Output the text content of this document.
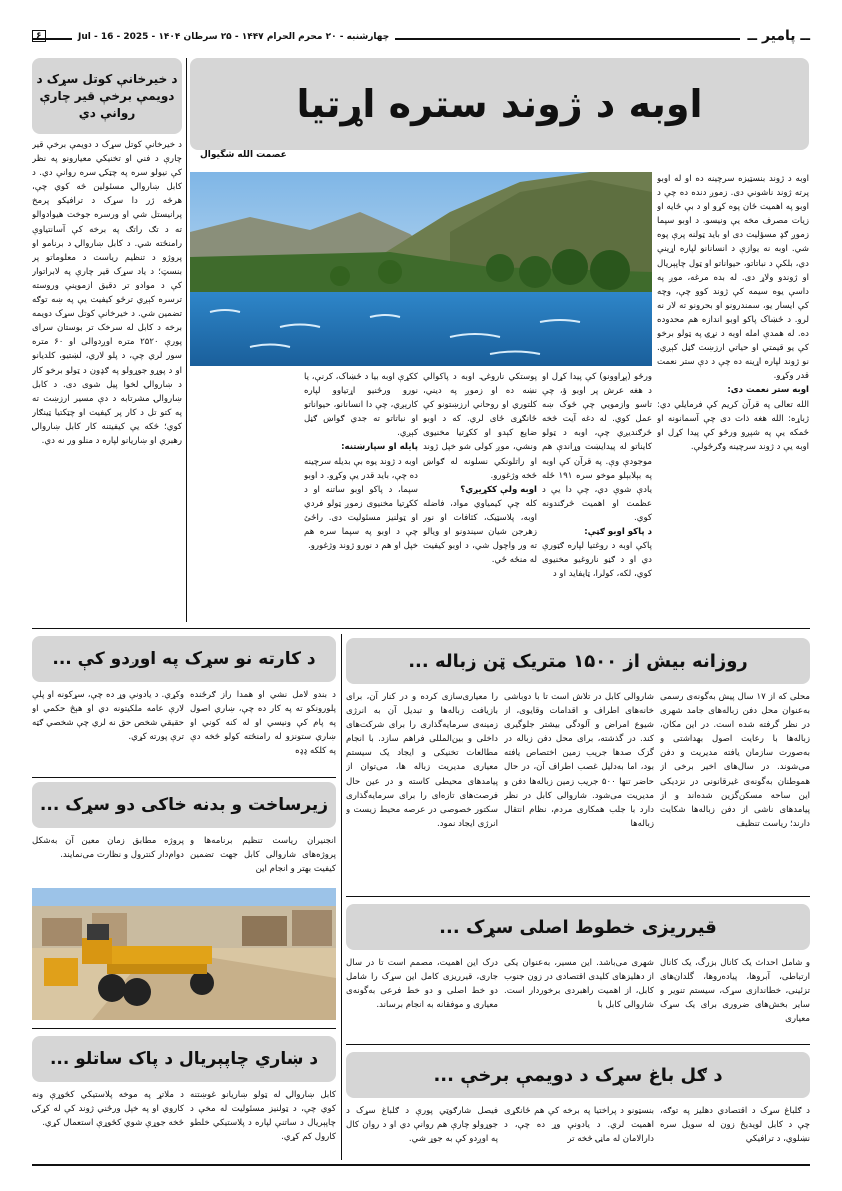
ــ پامیر ــ
چهارشنبه - ۲۰ محرم الحرام ۱۴۴۷ - ۲۵ سرطان ۱۴۰۴ - Jul - 16 - 2025
۶
اوبه د ژوند ستره اړتیا
عصمت الله شگیوال
اوبه د ژوند بنسټیزه سرچینه ده او له اوبو پرته ژوند ناشوني دی. زموږ دنده ده چې د اوبو په اهمیت ځان پوه کړو او د بې ځایه او زیات مصرف مخه یې ونیسو. د اوبو سپما زموږ ګډ مسؤلیت دی او باید ټولنه پرې پوه شي. اوبه نه یوازې د انسانانو لپاره اړینې دي، بلکې د نباتاتو، حیواناتو او ټول چاپېریال او ژوندو ولاړ دی. له بده مرغه، موږ په داسې یوه سیمه کې ژوند کوو چې، وچه کې ایسار یو، سمندرونو او بحرونو ته لار نه لرو. د ځښاک پاکو اوبو اندازه هم محدوده ده. له همدې امله اوبه د نړۍ په ټولو برخو کې یو قیمتي او حیاتي ارزښت ګڼل کېږي. نو ژوند لپاره اړینه ده چې د دې ستر نعمت قدر وکړو.
اوبه ستر نعمت دی:
الله تعالی په قرآن کریم کې فرمایلي دي: ژباړه: الله هغه ذات دی چې آسمانونه او ځمکه یې په شپږو ورځو کې پیدا کړل او اوبه یې د ژوند سرچینه وګرځولې.
ورځو (پړاوونو) کې پیدا کړل او د هغه عرش پر اوبو ؤ، چې تاسو وازمویي چې څوک ښه عمل کوي. له دغه آیت څخه څرګندیږي چې، اوبه د ټولو کایناتو له پیدایښت وړاندې هم موجودې وې. په قرآن کې اوبه په بېلابېلو موخو سره ۱۹۱ ځله یادې شوې دي، چې دا یې د عظمت او اهمیت څرګندونه کوي.
د پاکو اوبو ګټې:
پاکې اوبه د روغتیا لپاره ګټورې دي او د ګڼو ناروغیو مخنیوی کوي، لکه، کولرا، ټایفاید او د
پوستکي ناروغۍ. اوبه د پاکوالي نښه ده او زموږ په دیني، کلتوري او روحاني ارزښتونو کې ځانګړی ځای لري. که د اوبو ضایع کېدو او ککړتیا مخنیوی ونشي، موږ کولی شو خپل ژوند او راتلونکي نسلونه له ګواښ څخه وژغورو.
اوبه ولې ککړیږي؟
کله چې کیمیاوي مواد، فاضله اوبه، پلاسټیک، کثافات او نور زهرجن شیان سیندونو او ویالو ته ور واچول شي، د اوبو کیفیت له منځه ځي.
ککړې اوبه بیا د ځښاک، کرنې، یا نورو ورځنیو اړتیاوو لپاره کارېږي، چې دا انسانانو، حیواناتو او نباتاتو ته جدي ګواښ ګڼل کېږي.
پایله او سپارښتنه:
اوبه د ژوند یوه بې بدیله سرچینه ده چې، باید قدر یې وکړو. د اوبو سپما، د پاکو اوبو ساتنه او د ککړتیا مخنیوی زموږ ټولو فردي او ټولنیز مسئولیت دی. راځئ چې د اوبو په سپما سره هم خپل او هم د نورو ژوند وژغورو.
د خیرخانې کوتل سړک د دویمې برخې قیر چارې روانې دي
د خیرخانې کوتل سړک د دویمې برخې قیر چارې د فني او تخنیکي معیارونو په نظر کې نیولو سره په چټکۍ سره روانې دي. د کابل ښاروالۍ مسئولین څه کوي چې، هرڅه ژر دا سړک د ترافیکو پرمخ پرانیستل شي او ورسره جوخت هیوادوالو ته د تګ راتګ په برخه کې آسانتیاوې رامنځته شي. د کابل ښاروالۍ د برنامو او پروژو د تنظیم ریاست د معلوماتو پر بنسټ؛ د یاد سړک قیر چارې په لابراتوار کې د موادو تر دقیق ازموینې وروسته ترسره کېږي ترڅو کیفیت یې په ښه توګه تضمین شي. د خیرخانې کوتل سړک دویمه برخه د کابل له سرخک تر بوستان سرای پورې ۲۵۲۰ متره اوږدوالی او ۶۰ متره سور لري چې، د پلو لاري، لښتیو، کلدیانو او د پوړو جوړولو په ګډون د ټولو برخو کار د ښاروالۍ لخوا پیل شوی دی. د کابل ښاروالۍ مشرتابه د دې مسیر ارزښت ته په کتو تل د کار پر کیفیت او چټکتیا ټینګار کوي؛ څکه یې کیفیتنه کار کابل ښاروالۍ رهبري او ښاریانو لپاره د منلو ور نه دي.
روزانه بیش از ۱۵۰۰ متریک ټن زباله ...
محلی که از ۱۷ سال پیش به‌گونه‌ی رسمی به‌عنوان محل دفن زباله‌های جامد شهری در نظر گرفته شده است. در این مکان، زباله‌ها با رعایت اصول بهداشتی و به‌صورت سازمان یافته مدیریت و دفن می‌شوند. در سال‌های اخیر برخی از همو‌طنان به‌گونه‌ی غیرقانونی در نزدیکی این ساحه مسکن‌گزین شده‌اند و از پیامدهای ناشی از دفن زباله‌ها شکایت دارند؛ ریاست تنظیف
شاروالی کابل در تلاش است تا با دوباشی خانه‌های اطراف و اقدامات وقایوی، از شیوع امراض و آلودگی بیشتر جلوگیری کند. در گذشته، برای محل دفن زباله در گزک صدها جریب زمین اختصاص یافته بود، اما به‌دلیل غصب اطراف آن، در حال حاضر تنها ۵۰۰ جریب زمین زباله‌ها دفن و مدیریت می‌شود. شاروالی کابل در نظر دارد با جلب همکاری مردم، نظام انتقال زباله‌ها
را معیاری‌سازی کرده و در کنار آن، برای بازیافت زباله‌ها و تبدیل آن به انرژی زمینه‌ی سرمایه‌گذاری را برای شرکت‌های داخلی و بین‌المللی فراهم سازد. با انجام مطالعات تخنیکی و ایجاد یک سیستم معیاری مدیریت زباله ها، می‌توان از پیامدهای محیطی کاسته و در عین حال فرصت‌های تازه‌ای را برای سرمایه‌گذاری سکتور خصوصی در عرصه محیط زیست و انرژی ایجاد نمود.
د کارته نو سړک په اوږدو کې ...
د بندو لامل نشي او همدا راز ګرځنده پلورونکو ته په کار ده چې، ښاري اصول په پام کې ونیسي او له کنه کوني او ښاري ستونزو له رامنځته کولو څخه دې په کلکه ډډه
وکړي. د یادونې وړ ده چې، سړکونه او پلې لارې عامه ملکیتونه دي او هېڅ حکمي او حقیقي شخص حق نه لري چې شخصي ګټه ترې پورته کړي.
زیرساخت و بدنه خاکی دو سړک ...
انجنیران ریاست تنظیم برنامه‌ها و پروژه‌های شاروالی کابل جهت تضمین کیفیت بهتر و انجام این
پروژه مطابق زمان معین آن به‌شکل دوام‌دار کنترول و نظارت می‌نمایند.
د ښاري چاپېریال د پاک ساتلو ...
کابل ښاروالۍ له ټولو ښاریانو غوښتنه کوي چې، د ټولنیز مسئولیت له مخې د چاپېریال د ساتنې لپاره د پلاستیکي خلطو کارول کم کړي.
د ملاتړ په موخه پلاستیکي کڅوړې ونه کاروي او په خپل ورځني ژوند کې له کړکۍ څخه جوړې شوي کڅوړې استعمال کړي.
قیرریزی خطوط اصلی سړک ...
و شامل احداث یک کانال بزرگ، یک کانال ارتباطی، آبروها، پیاده‌روها، گلدان‌های تزئینی، خطاندازی سړک، سیستم تنویر و سایر بخش‌های ضروری برای یک سړک معیاری
شهری می‌باشد. این مسیر، به‌عنوان یکی از دهلیزهای کلیدی اقتصادی در زون جنوب کابل، از اهمیت راهبردی برخوردار است. شاروالی کابل با
درک این اهمیت، مصمم است تا در سال جاری، قیرریزی کامل این سړک را شامل دو خط اصلی و دو خط فرعی به‌گونه‌ی معیاری و موفقانه به انجام برساند.
د ګل باغ سړک د دویمې برخې ...
د ګلباغ سړک د اقتصادي دهلیز په توګه، چې د کابل لویدیځ زون له سویل سره نښلوي، د ترافیکي
بنسټونو د پراختیا په برخه کې هم ځانګړی اهمیت لري. د یادونې وړ ده چې، د دارالامان له ماڼۍ څخه تر
فیصل شارګوټي پورې د ګلباغ سړک د جوړولو چارې هم روانې دي او د روان کال په اوږدو کې به جوړ شي.
